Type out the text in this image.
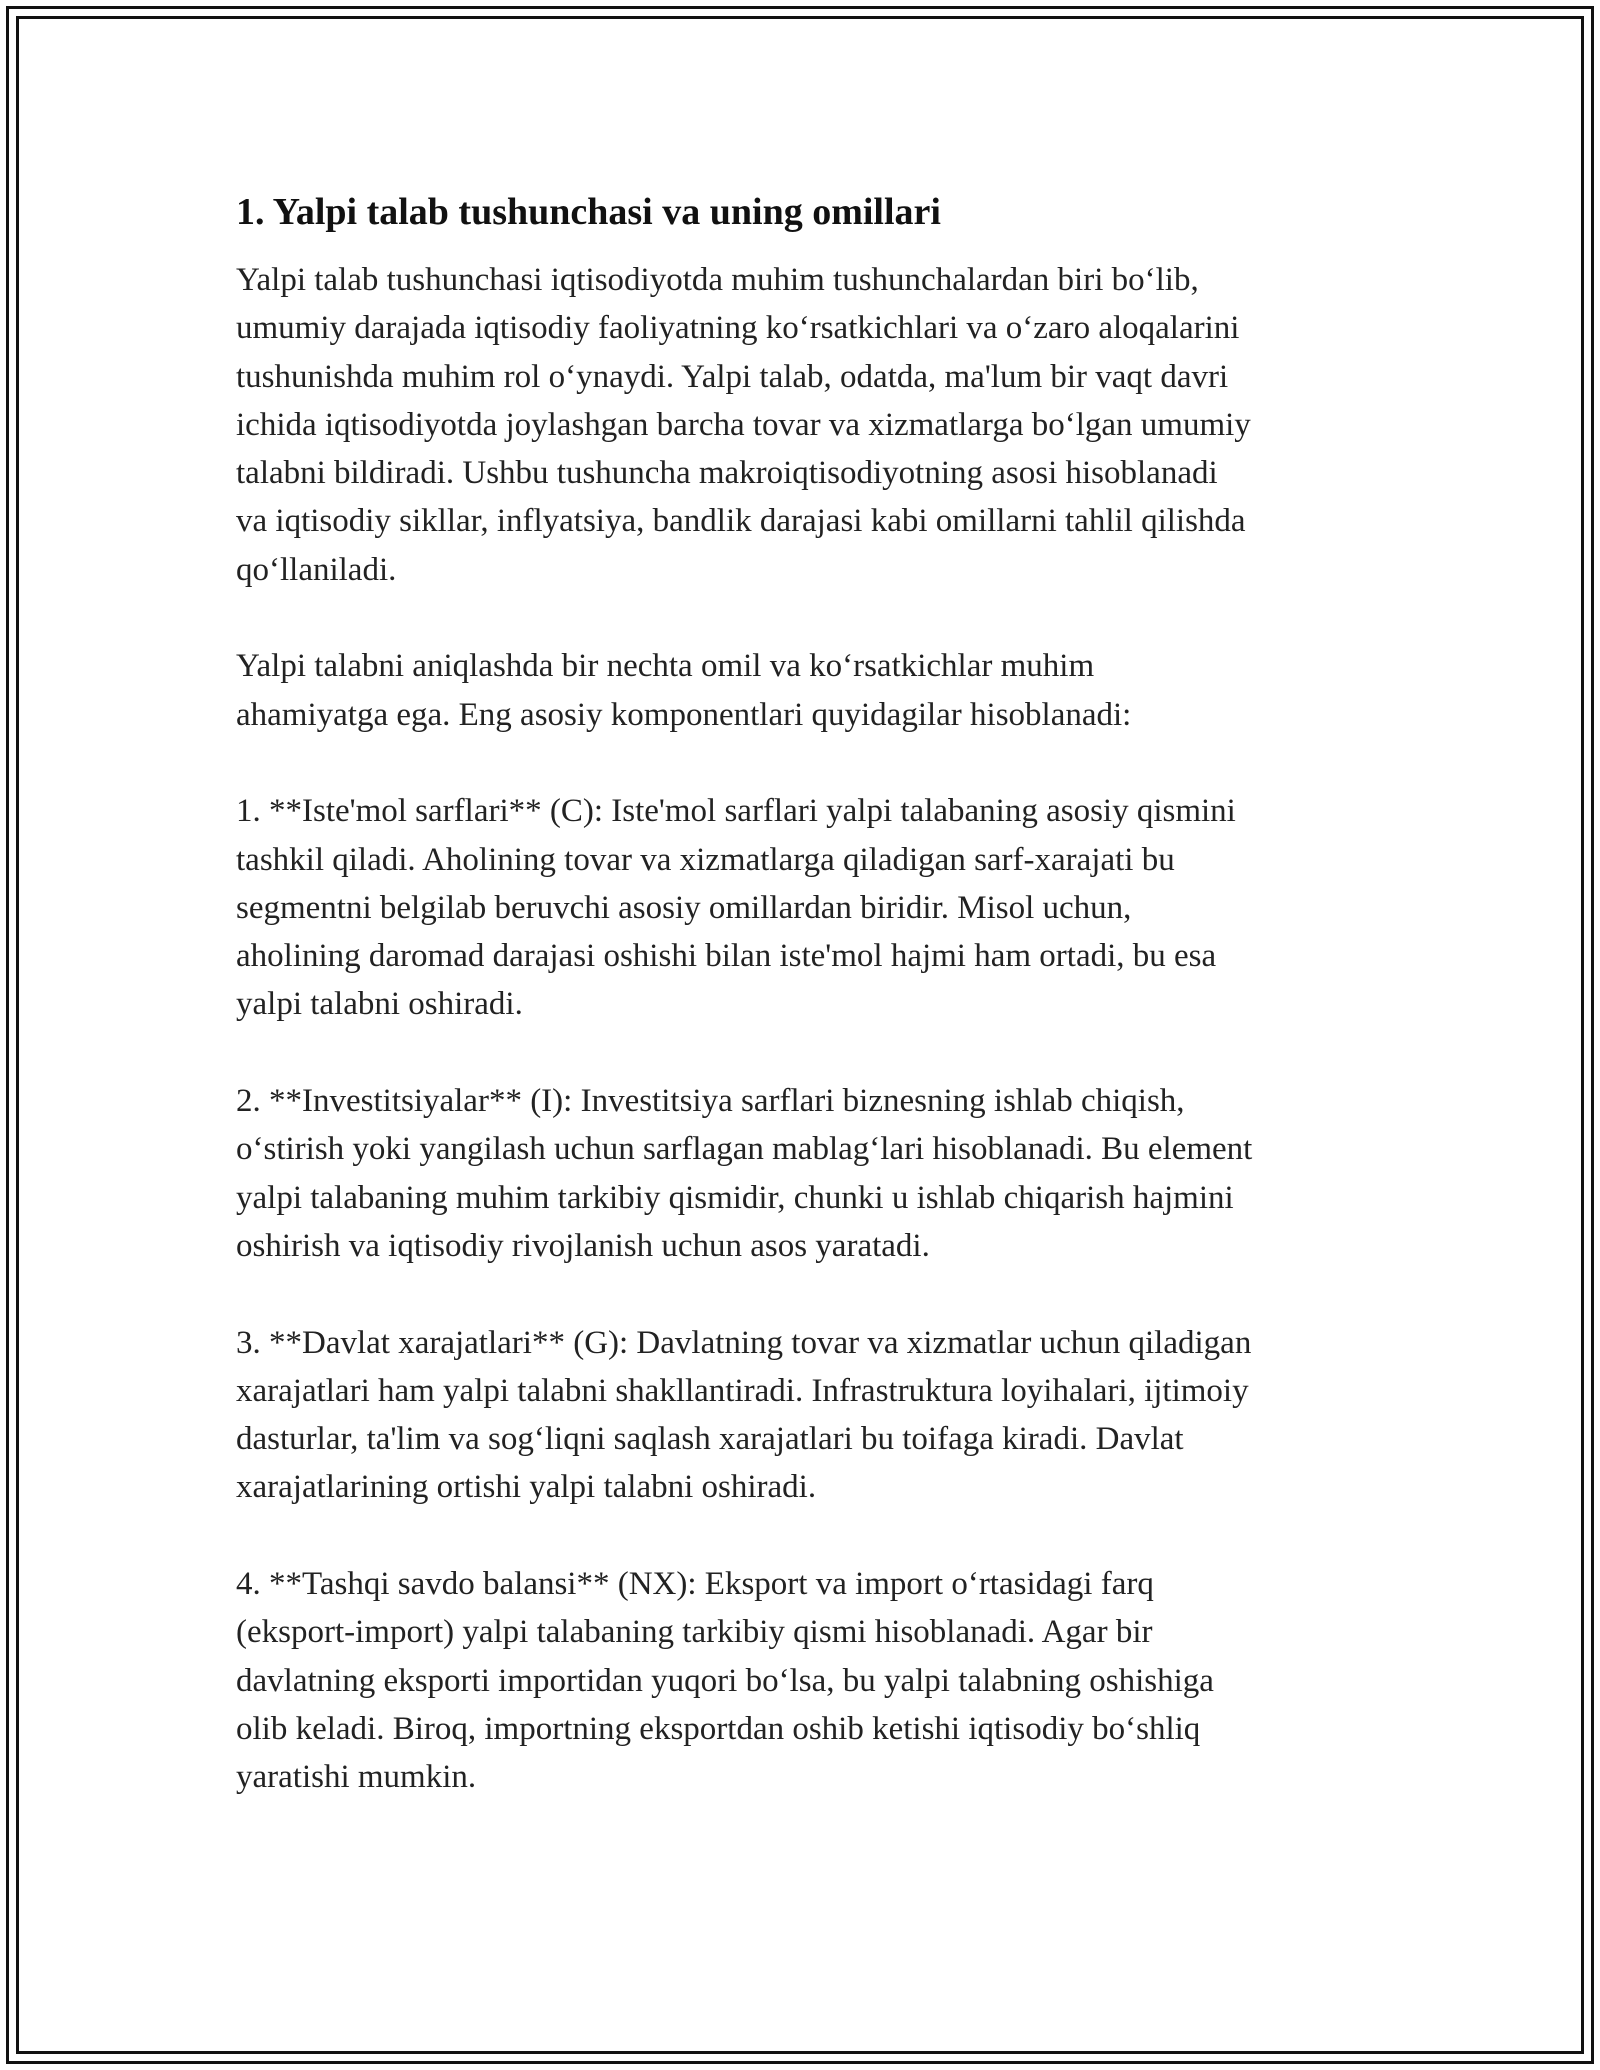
1. Yalpi talab tushunchasi va uning omillari

Yalpi talab tushunchasi iqtisodiyotda muhim tushunchalardan biri bo‘lib,
umumiy darajada iqtisodiy faoliyatning ko‘rsatkichlari va o‘zaro aloqalarini
tushunishda muhim rol o‘ynaydi. Yalpi talab, odatda, ma'lum bir vaqt davri
ichida iqtisodiyotda joylashgan barcha tovar va xizmatlarga bo‘lgan umumiy
talabni bildiradi. Ushbu tushuncha makroiqtisodiyotning asosi hisoblanadi
va iqtisodiy sikllar, inflyatsiya, bandlik darajasi kabi omillarni tahlil qilishda
qo‘llaniladi.

Yalpi talabni aniqlashda bir nechta omil va ko‘rsatkichlar muhim
ahamiyatga ega. Eng asosiy komponentlari quyidagilar hisoblanadi:

1. **Iste'mol sarflari** (C): Iste'mol sarflari yalpi talabaning asosiy qismini
tashkil qiladi. Aholining tovar va xizmatlarga qiladigan sarf-xarajati bu
segmentni belgilab beruvchi asosiy omillardan biridir. Misol uchun,
aholining daromad darajasi oshishi bilan iste'mol hajmi ham ortadi, bu esa
yalpi talabni oshiradi.

2. **Investitsiyalar** (I): Investitsiya sarflari biznesning ishlab chiqish,
o‘stirish yoki yangilash uchun sarflagan mablag‘lari hisoblanadi. Bu element
yalpi talabaning muhim tarkibiy qismidir, chunki u ishlab chiqarish hajmini
oshirish va iqtisodiy rivojlanish uchun asos yaratadi.

3. **Davlat xarajatlari** (G): Davlatning tovar va xizmatlar uchun qiladigan
xarajatlari ham yalpi talabni shakllantiradi. Infrastruktura loyihalari, ijtimoiy
dasturlar, ta'lim va sog‘liqni saqlash xarajatlari bu toifaga kiradi. Davlat
xarajatlarining ortishi yalpi talabni oshiradi.

4. **Tashqi savdo balansi** (NX): Eksport va import o‘rtasidagi farq
(eksport-import) yalpi talabaning tarkibiy qismi hisoblanadi. Agar bir
davlatning eksporti importidan yuqori bo‘lsa, bu yalpi talabning oshishiga
olib keladi. Biroq, importning eksportdan oshib ketishi iqtisodiy bo‘shliq
yaratishi mumkin.
